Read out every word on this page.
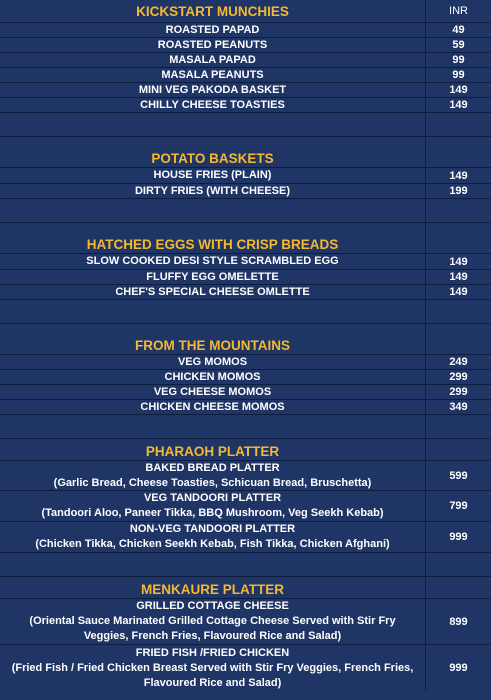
KICKSTART MUNCHIES	INR
ROASTED PAPAD	49
ROASTED PEANUTS	59
MASALA PAPAD	99
MASALA PEANUTS	99
MINI VEG PAKODA BASKET	149
CHILLY CHEESE TOASTIES	149
POTATO BASKETS
HOUSE FRIES (PLAIN)	149
DIRTY FRIES (WITH CHEESE)	199
HATCHED EGGS WITH CRISP BREADS
SLOW COOKED DESI STYLE SCRAMBLED EGG	149
FLUFFY EGG OMELETTE	149
CHEF'S SPECIAL CHEESE OMLETTE	149
FROM THE MOUNTAINS
VEG MOMOS	249
CHICKEN MOMOS	299
VEG CHEESE MOMOS	299
CHICKEN CHEESE MOMOS	349
PHARAOH PLATTER
BAKED BREAD PLATTER
(Garlic Bread, Cheese Toasties, Schicuan Bread, Bruschetta)
599
VEG TANDOORI PLATTER
(Tandoori Aloo, Paneer Tikka, BBQ Mushroom, Veg Seekh Kebab)
799
NON-VEG TANDOORI PLATTER
(Chicken Tikka, Chicken Seekh Kebab, Fish Tikka, Chicken Afghani)
999
MENKAURE PLATTER
GRILLED COTTAGE CHEESE
(Oriental Sauce Marinated Grilled Cottage Cheese Served with Stir Fry Veggies, French Fries, Flavoured Rice and Salad)
899
FRIED FISH /FRIED CHICKEN
(Fried Fish / Fried Chicken Breast Served with Stir Fry Veggies, French Fries, Flavoured Rice and Salad)
999
